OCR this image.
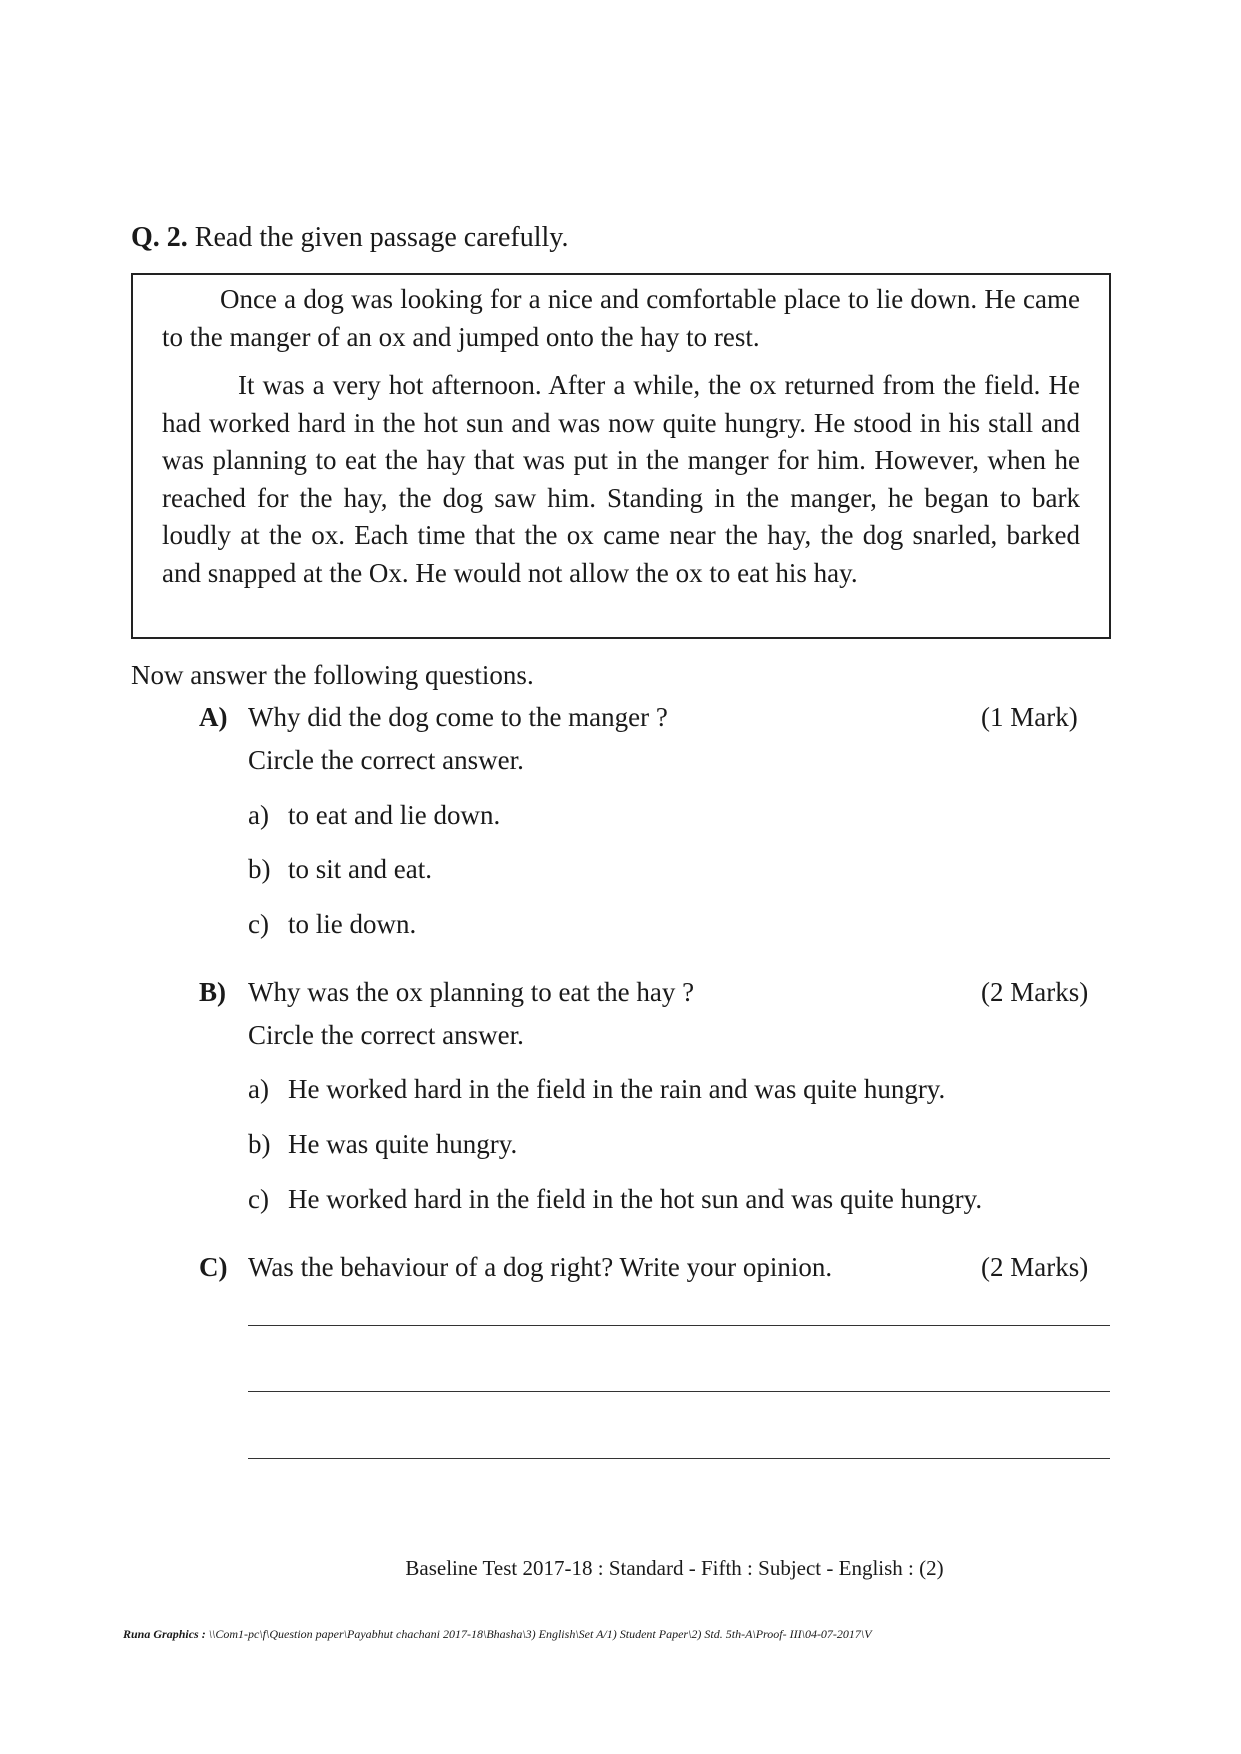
Q. 2. Read the given passage carefully.

Once a dog was looking for a nice and comfortable place to lie down. He came to the manger of an ox and jumped onto the hay to rest.

It was a very hot afternoon. After a while, the ox returned from the field. He had worked hard in the hot sun and was now quite hungry. He stood in his stall and was planning to eat the hay that was put in the manger for him. However, when he reached for the hay, the dog saw him. Standing in the manger, he began to bark loudly at the ox. Each time that the ox came near the hay, the dog snarled, barked and snapped at the Ox. He would not allow the ox to eat his hay.

Now answer the following questions.
A) Why did the dog come to the manger ?	(1 Mark)
Circle the correct answer.
a) to eat and lie down.
b) to sit and eat.
c) to lie down.
B) Why was the ox planning to eat the hay ?	(2 Marks)
Circle the correct answer.
a) He worked hard in the field in the rain and was quite hungry.
b) He was quite hungry.
c) He worked hard in the field in the hot sun and was quite hungry.
C) Was the behaviour of a dog right? Write your opinion.	(2 Marks)
Baseline Test 2017-18 : Standard - Fifth : Subject - English : (2)
Runa Graphics : \\Com1-pc\f\Question paper\Payabhut chachani 2017-18\Bhasha\3) English\Set A/1) Student Paper\2) Std. 5th-A\Proof- III\04-07-2017\V
